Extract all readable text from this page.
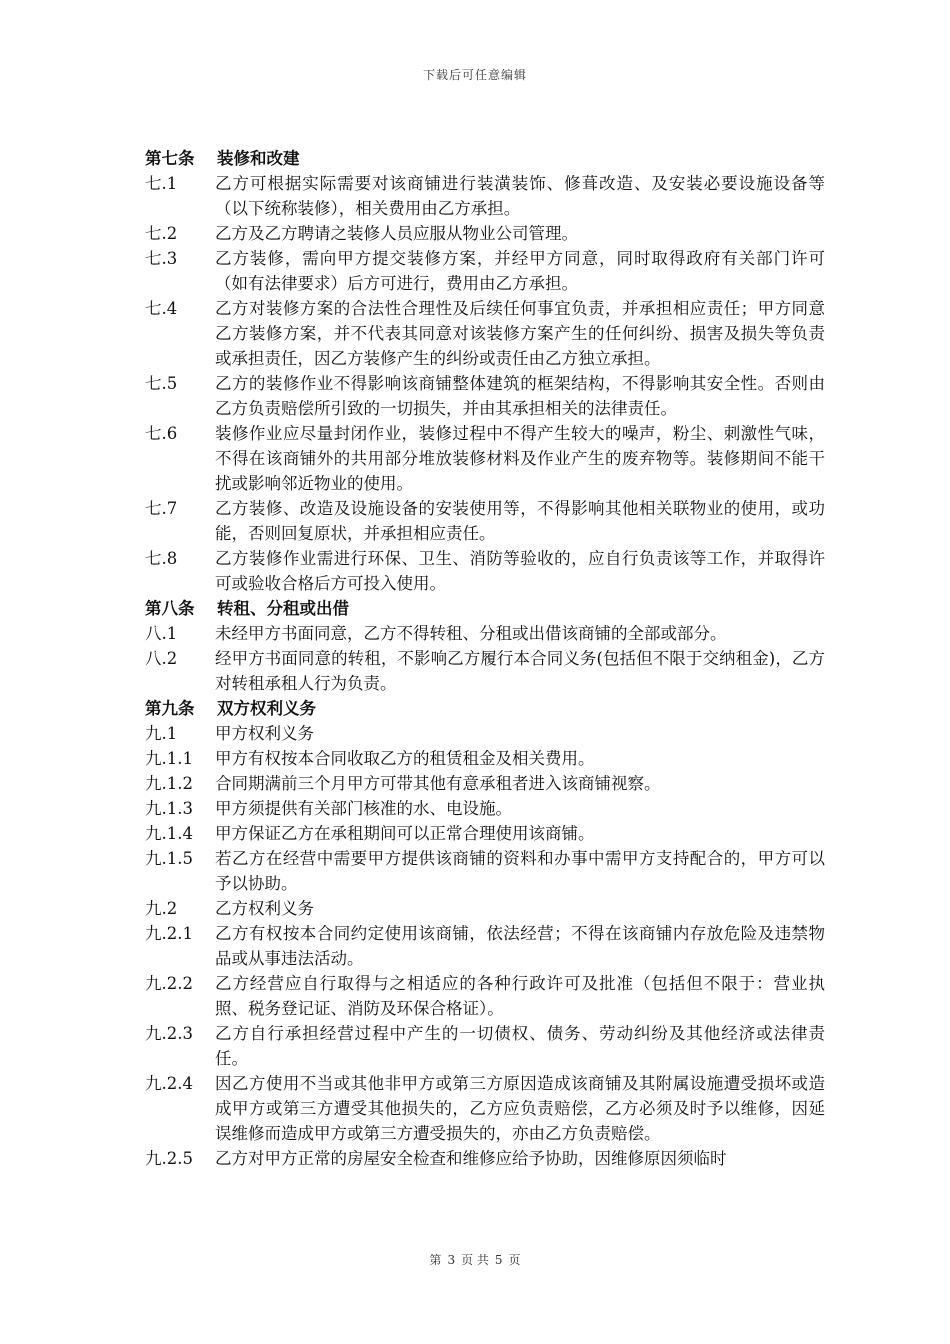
下载后可任意编辑
第七条 装修和改建
七.1	乙方可根据实际需要对该商铺进行装潢装饰、修葺改造、及安装必要设施设备等（以下统称装修），相关费用由乙方承担。
七.2	乙方及乙方聘请之装修人员应服从物业公司管理。
七.3	乙方装修，需向甲方提交装修方案，并经甲方同意，同时取得政府有关部门许可（如有法律要求）后方可进行，费用由乙方承担。
七.4	乙方对装修方案的合法性合理性及后续任何事宜负责，并承担相应责任；甲方同意乙方装修方案，并不代表其同意对该装修方案产生的任何纠纷、损害及损失等负责或承担责任，因乙方装修产生的纠纷或责任由乙方独立承担。
七.5	乙方的装修作业不得影响该商铺整体建筑的框架结构，不得影响其安全性。否则由乙方负责赔偿所引致的一切损失，并由其承担相关的法律责任。
七.6	装修作业应尽量封闭作业，装修过程中不得产生较大的噪声，粉尘、刺激性气味，不得在该商铺外的共用部分堆放装修材料及作业产生的废弃物等。装修期间不能干扰或影响邻近物业的使用。
七.7	乙方装修、改造及设施设备的安装使用等，不得影响其他相关联物业的使用，或功能，否则回复原状，并承担相应责任。
七.8	乙方装修作业需进行环保、卫生、消防等验收的，应自行负责该等工作，并取得许可或验收合格后方可投入使用。
第八条 转租、分租或出借
八.1	未经甲方书面同意，乙方不得转租、分租或出借该商铺的全部或部分。
八.2	经甲方书面同意的转租，不影响乙方履行本合同义务(包括但不限于交纳租金)，乙方对转租承租人行为负责。
第九条 双方权利义务
九.1	甲方权利义务
九.1.1	甲方有权按本合同收取乙方的租赁租金及相关费用。
九.1.2	合同期满前三个月甲方可带其他有意承租者进入该商铺视察。
九.1.3	甲方须提供有关部门核准的水、电设施。
九.1.4	甲方保证乙方在承租期间可以正常合理使用该商铺。
九.1.5	若乙方在经营中需要甲方提供该商铺的资料和办事中需甲方支持配合的，甲方可以予以协助。
九.2	乙方权利义务
九.2.1	乙方有权按本合同约定使用该商铺，依法经营；不得在该商铺内存放危险及违禁物品或从事违法活动。
九.2.2	乙方经营应自行取得与之相适应的各种行政许可及批准（包括但不限于：营业执照、税务登记证、消防及环保合格证）。
九.2.3	乙方自行承担经营过程中产生的一切债权、债务、劳动纠纷及其他经济或法律责任。
九.2.4	因乙方使用不当或其他非甲方或第三方原因造成该商铺及其附属设施遭受损坏或造成甲方或第三方遭受其他损失的，乙方应负责赔偿，乙方必须及时予以维修，因延误维修而造成甲方或第三方遭受损失的，亦由乙方负责赔偿。
九.2.5	乙方对甲方正常的房屋安全检查和维修应给予协助，因维修原因须临时
第 3 页 共 5 页
